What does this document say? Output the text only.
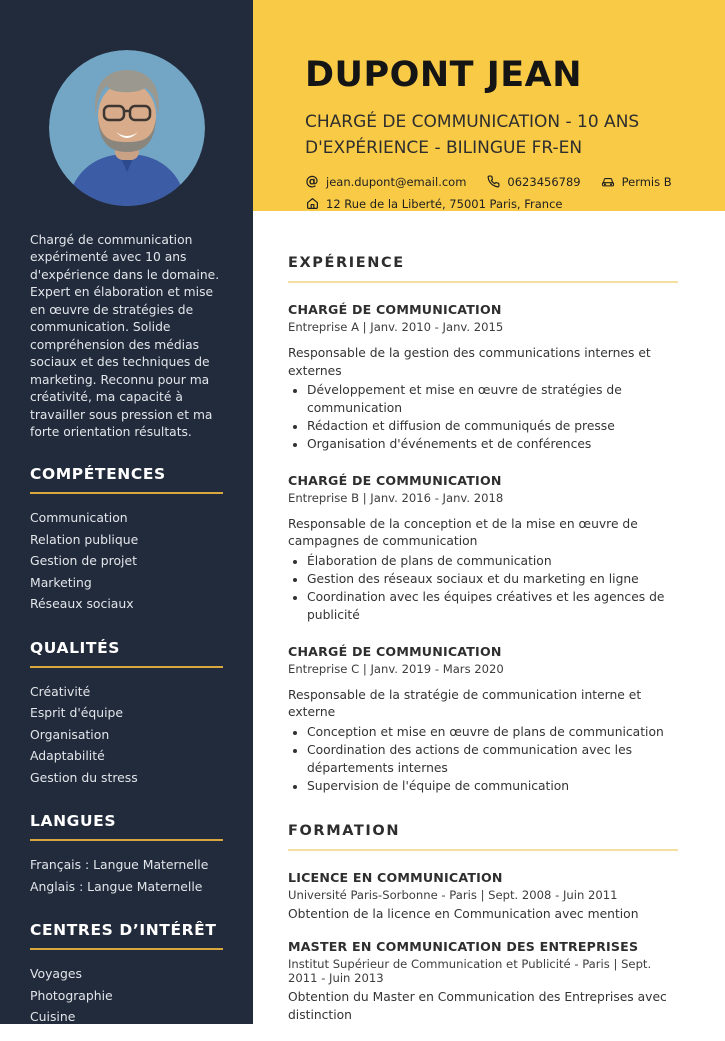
Chargé de communication expérimenté avec 10 ans d'expérience dans le domaine. Expert en élaboration et mise en œuvre de stratégies de communication. Solide compréhension des médias sociaux et des techniques de marketing. Reconnu pour ma créativité, ma capacité à travailler sous pression et ma forte orientation résultats.

COMPÉTENCES
Communication
Relation publique
Gestion de projet
Marketing
Réseaux sociaux
QUALITÉS
Créativité
Esprit d'équipe
Organisation
Adaptabilité
Gestion du stress
LANGUES
Français : Langue Maternelle
Anglais : Langue Maternelle
CENTRES D’INTÉRÊT
Voyages
Photographie
Cuisine
DUPONT JEAN
CHARGÉ DE COMMUNICATION - 10 ANS D'EXPÉRIENCE - BILINGUE FR-EN
@ jean.dupont@email.com	0623456789	Permis B
12 Rue de la Liberté, 75001 Paris, France
EXPÉRIENCE
CHARGÉ DE COMMUNICATION
Entreprise A | Janv. 2010 - Janv. 2015
Responsable de la gestion des communications internes et externes
• Développement et mise en œuvre de stratégies de communication
• Rédaction et diffusion de communiqués de presse
• Organisation d'événements et de conférences
CHARGÉ DE COMMUNICATION
Entreprise B | Janv. 2016 - Janv. 2018
Responsable de la conception et de la mise en œuvre de campagnes de communication
• Élaboration de plans de communication
• Gestion des réseaux sociaux et du marketing en ligne
• Coordination avec les équipes créatives et les agences de publicité
CHARGÉ DE COMMUNICATION
Entreprise C | Janv. 2019 - Mars 2020
Responsable de la stratégie de communication interne et externe
• Conception et mise en œuvre de plans de communication
• Coordination des actions de communication avec les départements internes
• Supervision de l'équipe de communication
FORMATION
LICENCE EN COMMUNICATION
Université Paris-Sorbonne - Paris | Sept. 2008 - Juin 2011
Obtention de la licence en Communication avec mention
MASTER EN COMMUNICATION DES ENTREPRISES
Institut Supérieur de Communication et Publicité - Paris | Sept. 2011 - Juin 2013
Obtention du Master en Communication des Entreprises avec distinction
